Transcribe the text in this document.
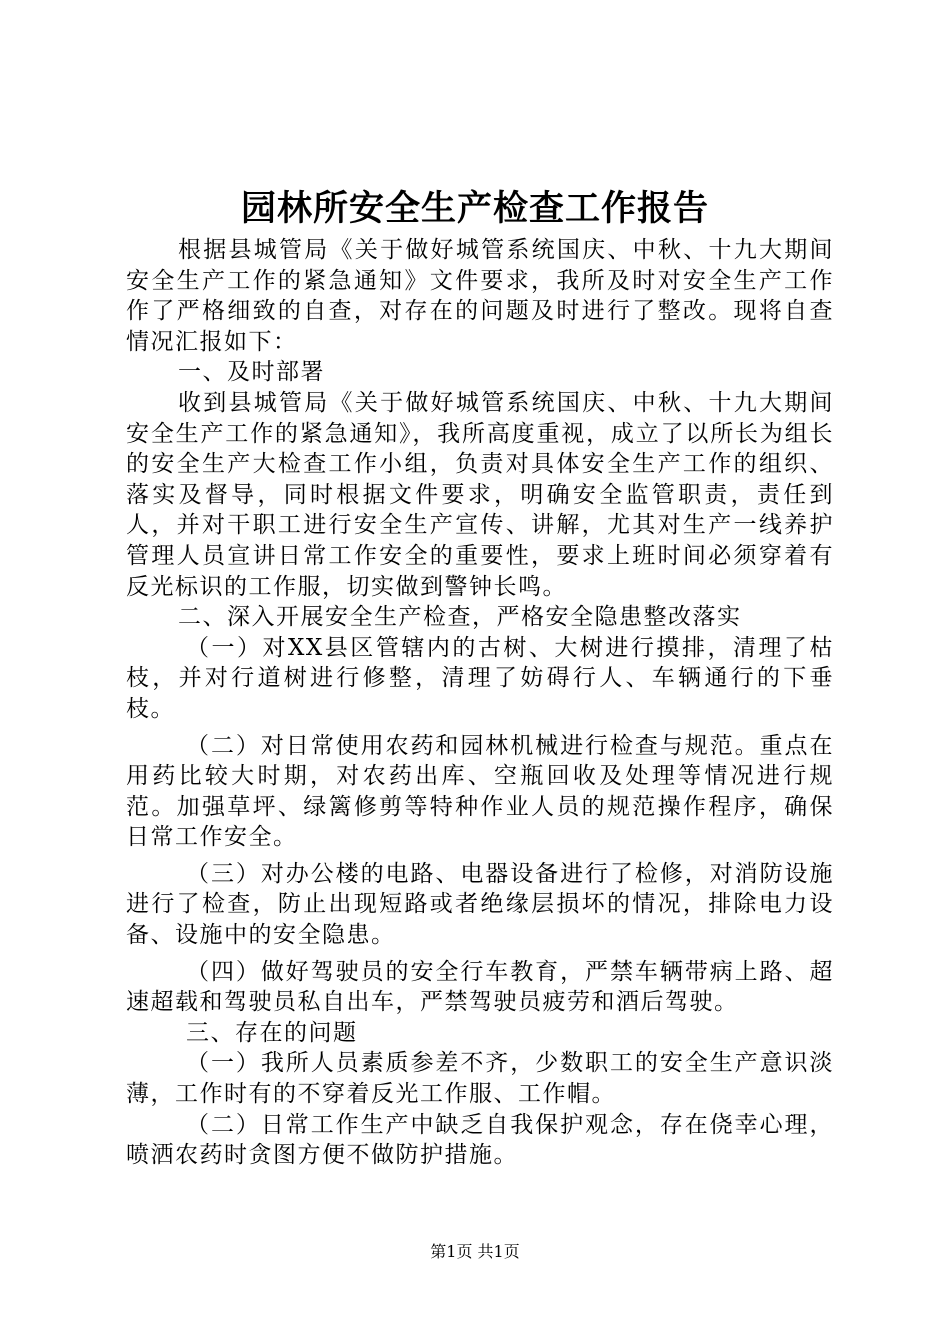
园林所安全生产检查工作报告

根据县城管局《关于做好城管系统国庆、中秋、十九大期间安全生产工作的紧急通知》文件要求，我所及时对安全生产工作作了严格细致的自查，对存在的问题及时进行了整改。现将自查情况汇报如下：

一、及时部署

收到县城管局《关于做好城管系统国庆、中秋、十九大期间安全生产工作的紧急通知》，我所高度重视，成立了以所长为组长的安全生产大检查工作小组，负责对具体安全生产工作的组织、落实及督导，同时根据文件要求，明确安全监管职责，责任到人，并对干职工进行安全生产宣传、讲解，尤其对生产一线养护管理人员宣讲日常工作安全的重要性，要求上班时间必须穿着有反光标识的工作服，切实做到警钟长鸣。

二、深入开展安全生产检查，严格安全隐患整改落实

（一）对XX县区管辖内的古树、大树进行摸排，清理了枯枝，并对行道树进行修整，清理了妨碍行人、车辆通行的下垂枝。

（二）对日常使用农药和园林机械进行检查与规范。重点在用药比较大时期，对农药出库、空瓶回收及处理等情况进行规范。加强草坪、绿篱修剪等特种作业人员的规范操作程序，确保日常工作安全。

（三）对办公楼的电路、电器设备进行了检修，对消防设施进行了检查，防止出现短路或者绝缘层损坏的情况，排除电力设备、设施中的安全隐患。

（四）做好驾驶员的安全行车教育，严禁车辆带病上路、超速超载和驾驶员私自出车，严禁驾驶员疲劳和酒后驾驶。

三、存在的问题

（一）我所人员素质参差不齐，少数职工的安全生产意识淡薄，工作时有的不穿着反光工作服、工作帽。

（二）日常工作生产中缺乏自我保护观念，存在侥幸心理，喷洒农药时贪图方便不做防护措施。

第1页 共1页
